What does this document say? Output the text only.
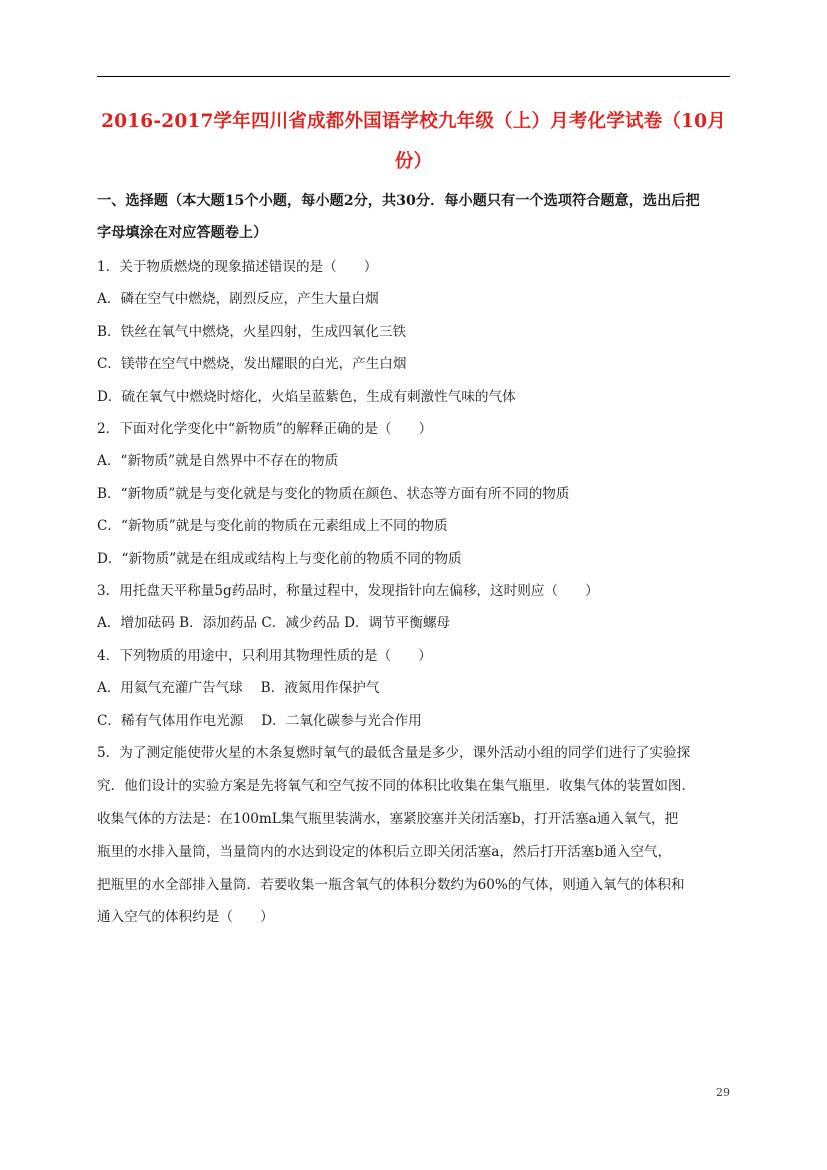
2016-2017学年四川省成都外国语学校九年级（上）月考化学试卷（10月
份）
一、选择题（本大题15个小题，每小题2分，共30分．每小题只有一个选项符合题意，选出后把
字母填涂在对应答题卷上）
1．关于物质燃烧的现象描述错误的是（　　）
A．磷在空气中燃烧，剧烈反应，产生大量白烟
B．铁丝在氧气中燃烧，火星四射，生成四氧化三铁
C．镁带在空气中燃烧，发出耀眼的白光，产生白烟
D．硫在氧气中燃烧时熔化，火焰呈蓝紫色，生成有刺激性气味的气体
2．下面对化学变化中“新物质”的解释正确的是（　　）
A．“新物质”就是自然界中不存在的物质
B．“新物质”就是与变化就是与变化的物质在颜色、状态等方面有所不同的物质
C．“新物质”就是与变化前的物质在元素组成上不同的物质
D．“新物质”就是在组成或结构上与变化前的物质不同的物质
3．用托盘天平称量5g药品时，称量过程中，发现指针向左偏移，这时则应（　　）
A．增加砝码 B．添加药品 C．减少药品 D．调节平衡螺母
4．下列物质的用途中，只利用其物理性质的是（　　）
A．用氦气充灌广告气球　 B．液氮用作保护气
C．稀有气体用作电光源　 D．二氧化碳参与光合作用
5．为了测定能使带火星的木条复燃时氧气的最低含量是多少，课外活动小组的同学们进行了实验探
究．他们设计的实验方案是先将氧气和空气按不同的体积比收集在集气瓶里．收集气体的装置如图．
收集气体的方法是：在100mL集气瓶里装满水，塞紧胶塞并关闭活塞b，打开活塞a通入氧气，把
瓶里的水排入量筒，当量筒内的水达到设定的体积后立即关闭活塞a，然后打开活塞b通入空气，
把瓶里的水全部排入量筒．若要收集一瓶含氧气的体积分数约为60%的气体，则通入氧气的体积和
通入空气的体积约是（　　）
29
